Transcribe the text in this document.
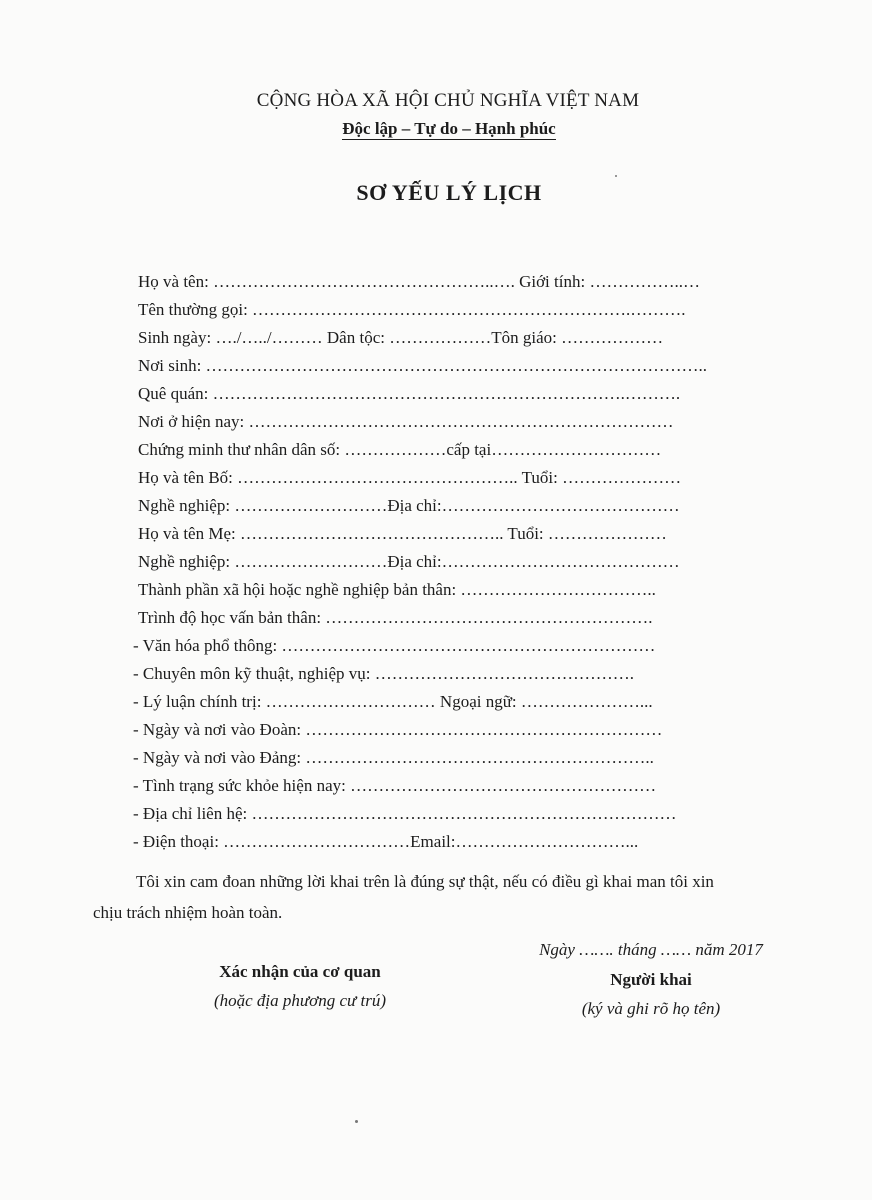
CỘNG HÒA XÃ HỘI CHỦ NGHĨA VIỆT NAM
Độc lập – Tự do – Hạnh phúc
SƠ YẾU LÝ LỊCH
Họ và tên: …………………………………………..…. Giới tính: ……………..…
Tên thường gọi: ………………………………………………………….……….
Sinh ngày: …./…../……… Dân tộc: ………………Tôn giáo: ………………
Nơi sinh: ……………………………………………………………………………..
Quê quán: ……………………………………………………………….……….
Nơi ở hiện nay: …………………………………………………………………
Chứng minh thư nhân dân số: ………………cấp tại…………………………
Họ và tên Bố: ………………………………………….. Tuổi: …………………
Nghề nghiệp: ………………………Địa chỉ:……………………………………
Họ và tên Mẹ: ……………………………………….. Tuổi: …………………
Nghề nghiệp: ………………………Địa chỉ:……………………………………
Thành phần xã hội hoặc nghề nghiệp bản thân: ……………………………..
Trình độ học vấn bản thân: ………………………………………………….
- Văn hóa phổ thông: …………………………………………………………
- Chuyên môn kỹ thuật, nghiệp vụ: ……………………………………….
- Lý luận chính trị: ………………………… Ngoại ngữ: …………………...
- Ngày và nơi vào Đoàn: ………………………………………………………
- Ngày và nơi vào Đảng: ……………………………………………………..
- Tình trạng sức khỏe hiện nay: ………………………………………………
- Địa chỉ liên hệ: …………………………………………………………………
- Điện thoại: ……………………………Email:…………………………...
Tôi xin cam đoan những lời khai trên là đúng sự thật, nếu có điều gì khai man tôi xin
chịu trách nhiệm hoàn toàn.
Ngày ……. tháng …… năm 2017
Xác nhận của cơ quan
(hoặc địa phương cư trú)
Người khai
(ký và ghi rõ họ tên)
